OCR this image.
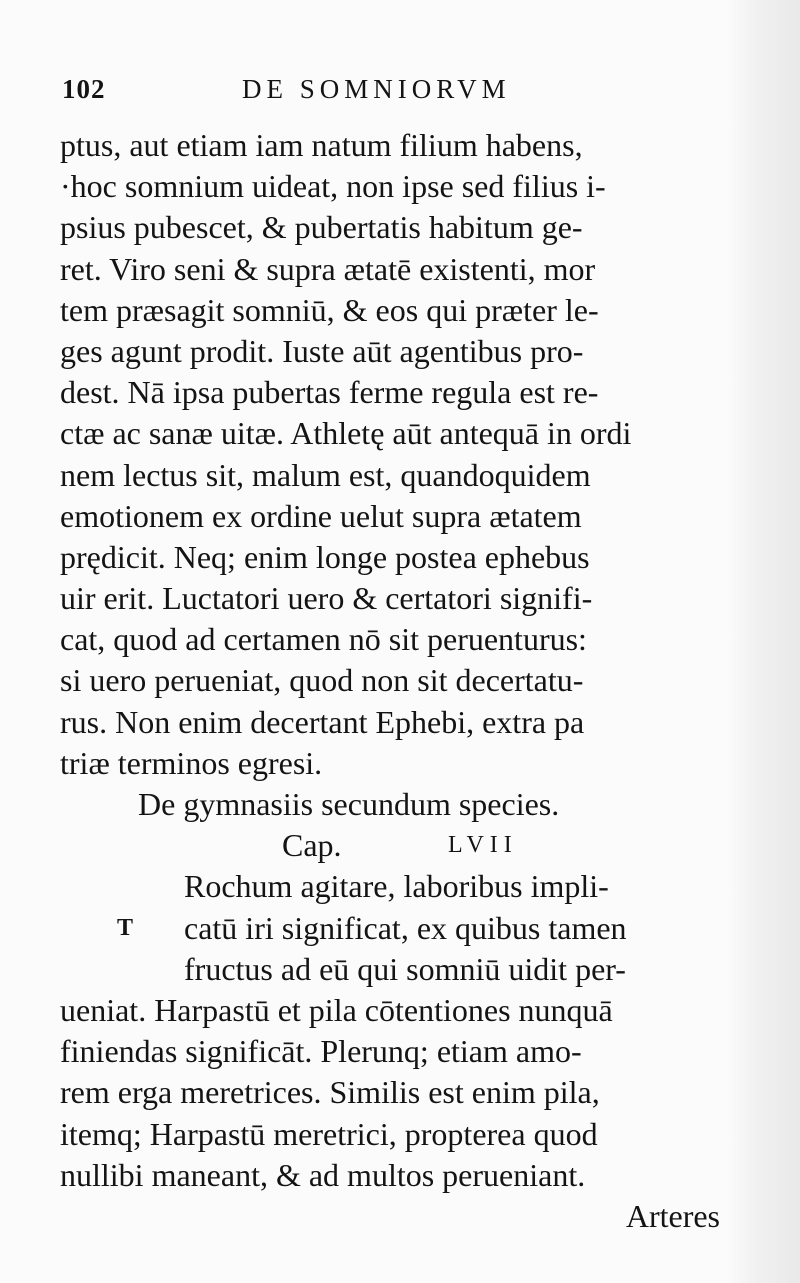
102	DE SOMNIORVM
ptus, aut etiam iam natum filium habens,
·hoc somnium uideat, non ipse sed filius i-
psius pubescet, & pubertatis habitum ge-
ret. Viro seni & supra ætatē existenti, mor
tem præsagit somniū, & eos qui præter le-
ges agunt prodit. Iuste aūt agentibus pro-
dest. Nā ipsa pubertas ferme regula est re-
ctæ ac sanæ uitæ. Athletę aūt antequā in ordi
nem lectus sit, malum est, quandoquidem
emotionem ex ordine uelut supra ætatem
prędicit. Neq; enim longe postea ephebus
uir erit. Luctatori uero & certatori signifi-
cat, quod ad certamen nō sit peruenturus:
si uero perueniat, quod non sit decertatu-
rus. Non enim decertant Ephebi, extra pa
triæ terminos egresi.
De gymnasiis secundum species.
Cap.	LVII
Rochum agitare, laboribus impli-
T catū iri significat, ex quibus tamen
fructus ad eū qui somniū uidit per-
ueniat. Harpastū et pila cōtentiones nunquā
finiendas significāt. Plerunq; etiam amo-
rem erga meretrices. Similis est enim pila,
itemq; Harpastū meretrici, propterea quod
nullibi maneant, & ad multos perueniant.
Arteres
